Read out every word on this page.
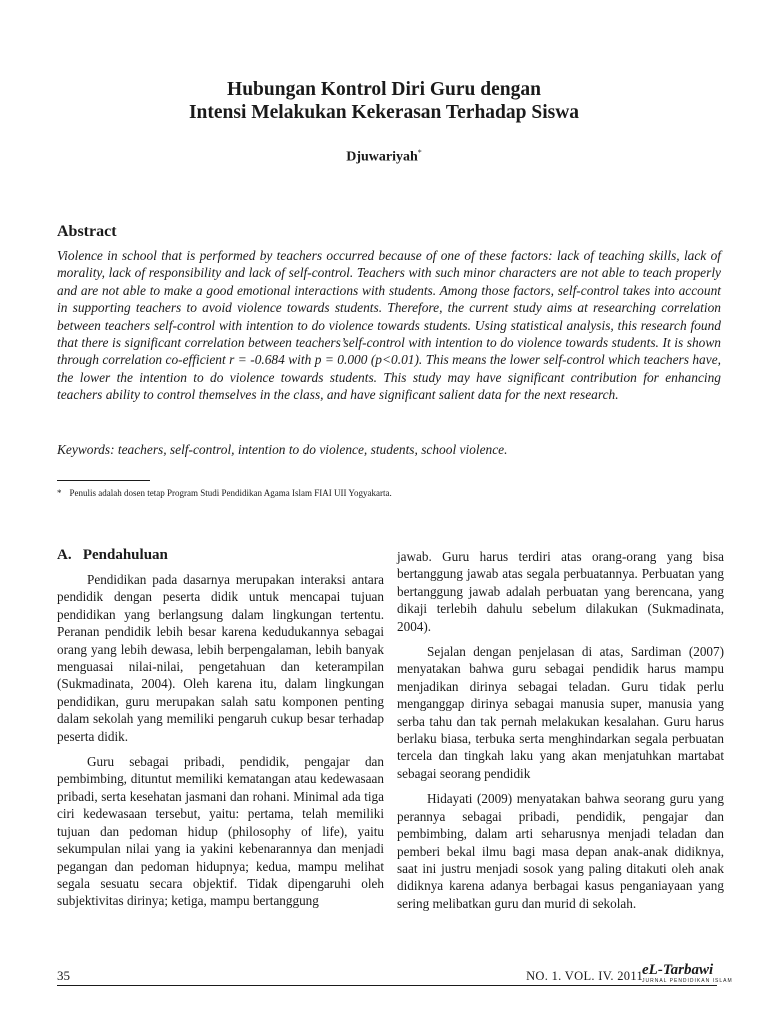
Hubungan Kontrol Diri Guru dengan
Intensi Melakukan Kekerasan Terhadap Siswa
Djuwariyah*
Abstract
Violence in school that is performed by teachers occurred because of one of these factors: lack of teaching skills, lack of morality, lack of responsibility and lack of self-control. Teachers with such minor characters are not able to teach properly and are not able to make a good emotional interactions with students. Among those factors, self-control takes into account in supporting teachers to avoid violence towards students. Therefore, the current study aims at researching correlation between teachers self-control with intention to do violence towards students. Using statistical analysis, this research found that there is significant correlation between teachers’self-control with intention to do violence towards students. It is shown through correlation co-efficient r = -0.684 with p = 0.000 (p<0.01). This means the lower self-control which teachers have, the lower the intention to do violence towards students. This study may have significant contribution for enhancing teachers ability to control themselves in the class, and have significant salient data for the next research.
Keywords: teachers, self-control, intention to do violence, students, school violence.
* Penulis adalah dosen tetap Program Studi Pendidikan Agama Islam FIAI UII Yogyakarta.
A.   Pendahuluan

Pendidikan pada dasarnya merupakan interaksi antara pendidik dengan peserta didik untuk mencapai tujuan pendidikan yang berlangsung dalam lingkungan tertentu. Peranan pendidik lebih besar karena kedudukannya sebagai orang yang lebih dewasa, lebih berpengalaman, lebih banyak menguasai nilai-nilai, pengetahuan dan keterampilan (Sukmadinata, 2004). Oleh karena itu, dalam lingkungan pendidikan, guru merupakan salah satu komponen penting dalam sekolah yang memiliki pengaruh cukup besar terhadap peserta didik.

Guru sebagai pribadi, pendidik, pengajar dan pembimbing, dituntut memiliki kematangan atau kedewasaan pribadi, serta kesehatan jasmani dan rohani. Minimal ada tiga ciri kedewasaan tersebut, yaitu: pertama, telah memiliki tujuan dan pedoman hidup (philosophy of life), yaitu sekumpulan nilai yang ia yakini kebenarannya dan menjadi pegangan dan pedoman hidupnya; kedua, mampu melihat segala sesuatu secara objektif. Tidak dipengaruhi oleh subjektivitas dirinya; ketiga, mampu bertanggung

jawab. Guru harus terdiri atas orang-orang yang bisa bertanggung jawab atas segala perbuatannya. Perbuatan yang bertanggung jawab adalah perbuatan yang berencana, yang dikaji terlebih dahulu sebelum dilakukan (Sukmadinata, 2004).

Sejalan dengan penjelasan di atas, Sardiman (2007) menyatakan bahwa guru sebagai pendidik harus mampu menjadikan dirinya sebagai teladan. Guru tidak perlu menganggap dirinya sebagai manusia super, manusia yang serba tahu dan tak pernah melakukan kesalahan. Guru harus berlaku biasa, terbuka serta menghindarkan segala perbuatan tercela dan tingkah laku yang akan menjatuhkan martabat sebagai seorang pendidik

Hidayati (2009) menyatakan bahwa seorang guru yang perannya sebagai pribadi, pendidik, pengajar dan pembimbing, dalam arti seharusnya menjadi teladan dan pemberi bekal ilmu bagi masa depan anak-anak didiknya, saat ini justru menjadi sosok yang paling ditakuti oleh anak didiknya karena adanya berbagai kasus penganiayaan yang sering melibatkan guru dan murid di sekolah.

35	NO. 1. VOL. IV. 2011 eL-Tarbawi
JURNAL PENDIDIKAN ISLAM
